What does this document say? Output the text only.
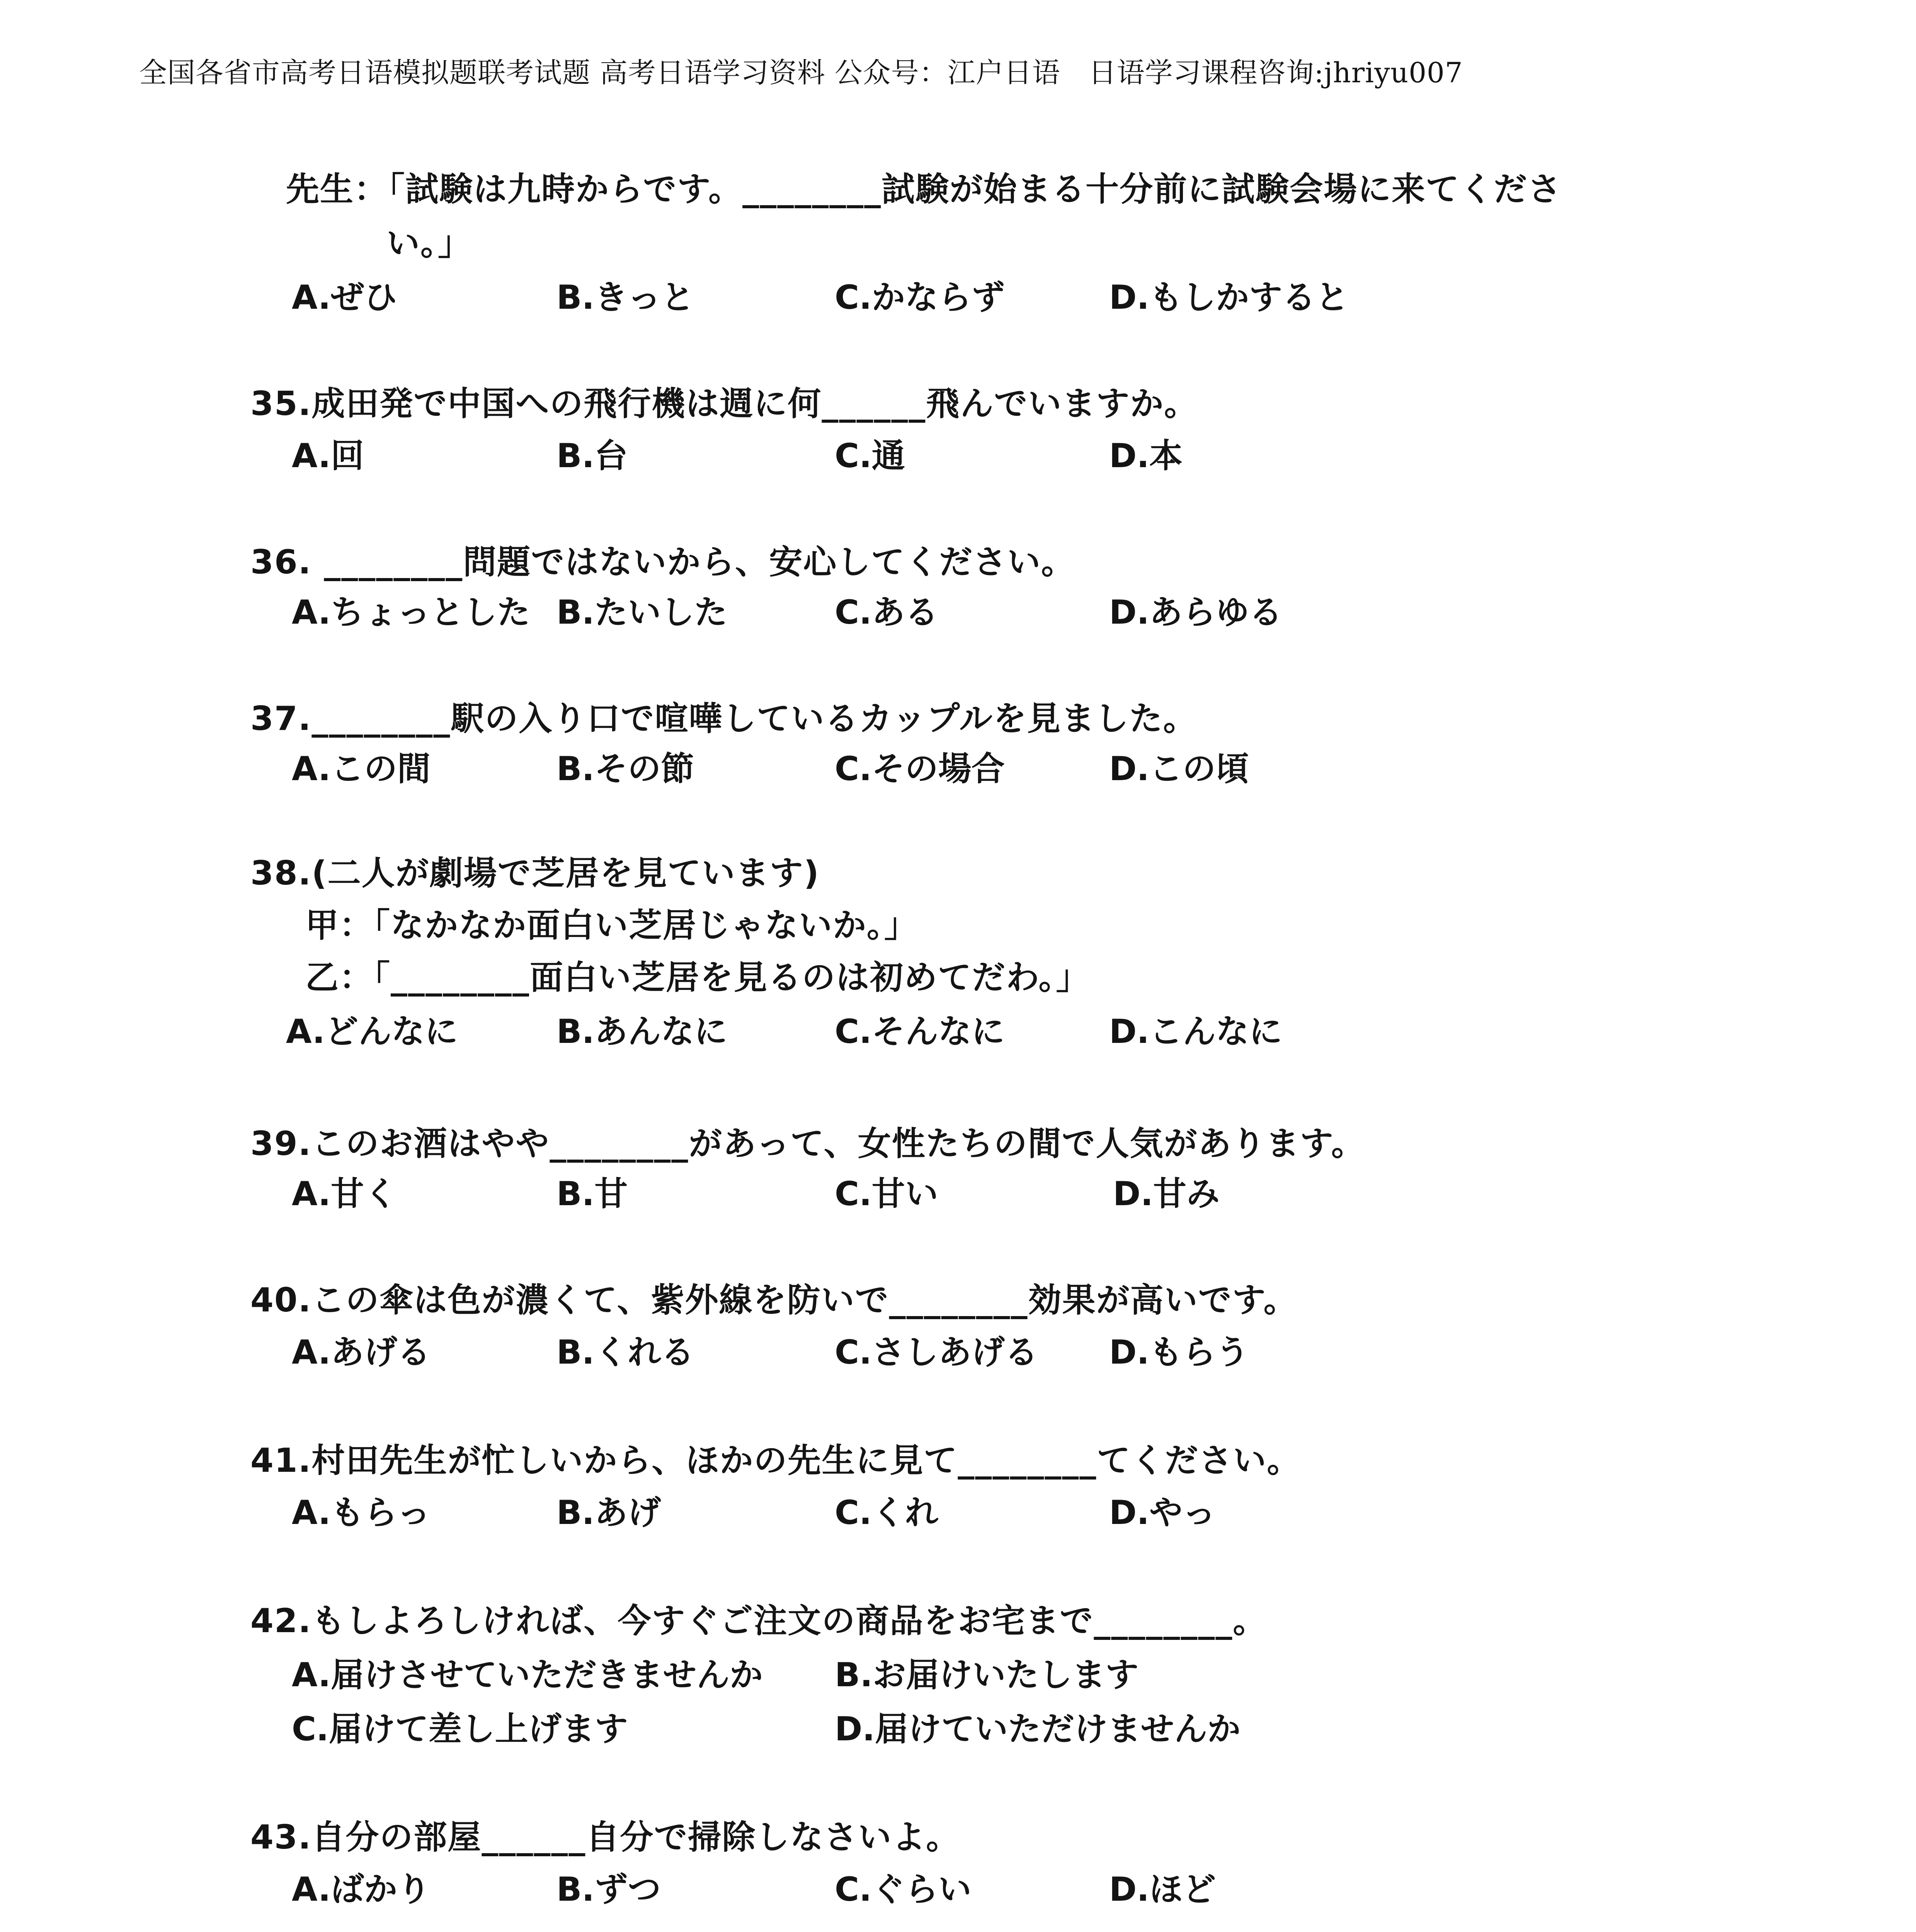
全国各省市高考日语模拟题联考试题 高考日语学习资料 公众号：江户日语　日语学习课程咨询:jhriyu007
先生：「試験は九時からです。________試験が始まる十分前に試験会場に来てくださ
い。」
A.ぜひ	B.きっと	C.かならず	D.もしかすると
35.成田発で中国への飛行機は週に何______飛んでいますか。
A.回	B.台	C.通	D.本
36. ________問題ではないから、安心してください。
A.ちょっとした B.たいした	C.ある	D.あらゆる
37.________駅の入り口で喧嘩しているカップルを見ました。
A.この間	B.その節	C.その場合	D.この頃
38.(二人が劇場で芝居を見ています)
甲：「なかなか面白い芝居じゃないか。」
乙：「________面白い芝居を見るのは初めてだわ。」
A.どんなに	B.あんなに	C.そんなに	D.こんなに
39.このお酒はやや________があって、女性たちの間で人気があります。
A.甘く	B.甘	C.甘い	D.甘み
40.この傘は色が濃くて、紫外線を防いで________効果が高いです。
A.あげる	B.くれる	C.さしあげる D.もらう
41.村田先生が忙しいから、ほかの先生に見て________てください。
A.もらっ	B.あげ	C.くれ	D.やっ
42.もしよろしければ、今すぐご注文の商品をお宅まで________。
A.届けさせていただきませんか B.お届けいたします
C.届けて差し上げます	D.届けていただけませんか
43.自分の部屋______自分で掃除しなさいよ。
A.ばかり	B.ずつ	C.ぐらい	D.ほど
